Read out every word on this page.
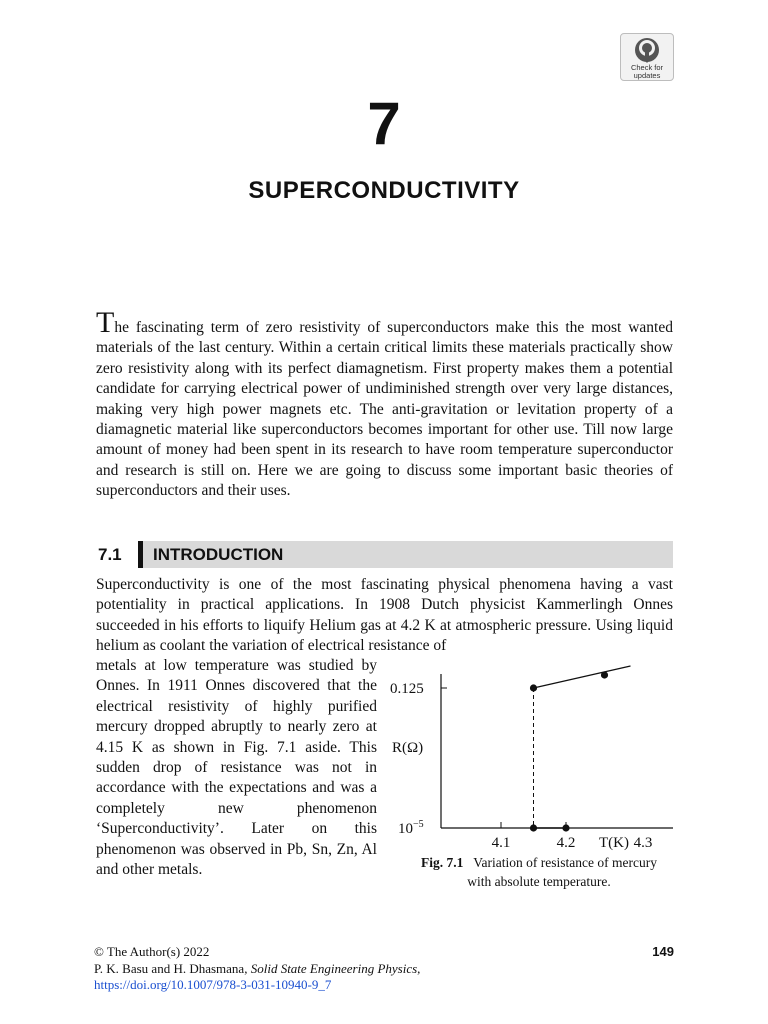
Check for
updates
7
SUPERCONDUCTIVITY

The fascinating term of zero resistivity of superconductors make this the most wanted materials of the last century. Within a certain critical limits these materials practically show zero resistivity along with its perfect diamagnetism. First property makes them a potential candidate for carrying electrical power of undiminished strength over very large distances, making very high power magnets etc. The anti-gravitation or levitation property of a diamagnetic material like superconductors becomes important for other use. Till now large amount of money had been spent in its research to have room temperature superconductor and research is still on. Here we are going to discuss some important basic theories of superconductors and their uses.

7.1	INTRODUCTION

Superconductivity is one of the most fascinating physical phenomena having a vast potentiality in practical applications. In 1908 Dutch physicist Kammerlingh Onnes succeeded in his efforts to liquify Helium gas at 4.2 K at atmospheric pressure. Using liquid helium as coolant the variation of electrical resistance of

metals at low temperature was studied by Onnes. In 1911 Onnes discovered that the electrical resistivity of highly purified mercury dropped abruptly to nearly zero at 4.15 K as shown in Fig. 7.1 aside. This sudden drop of resistance was not in accordance with the expectations and was a completely new phenomenon ‘Superconductivity’. Later on this phenomenon was observed in Pb, Sn, Zn, Al and other metals.

0.125
$10^{-5}$
R(Ω)
4.1	4.2	4.3
T(K)

Fig. 7.1 Variation of resistance of mercury with absolute temperature.

© The Author(s) 2022
P. K. Basu and H. Dhasmana, Solid State Engineering Physics,
https://doi.org/10.1007/978-3-031-10940-9_7
149
